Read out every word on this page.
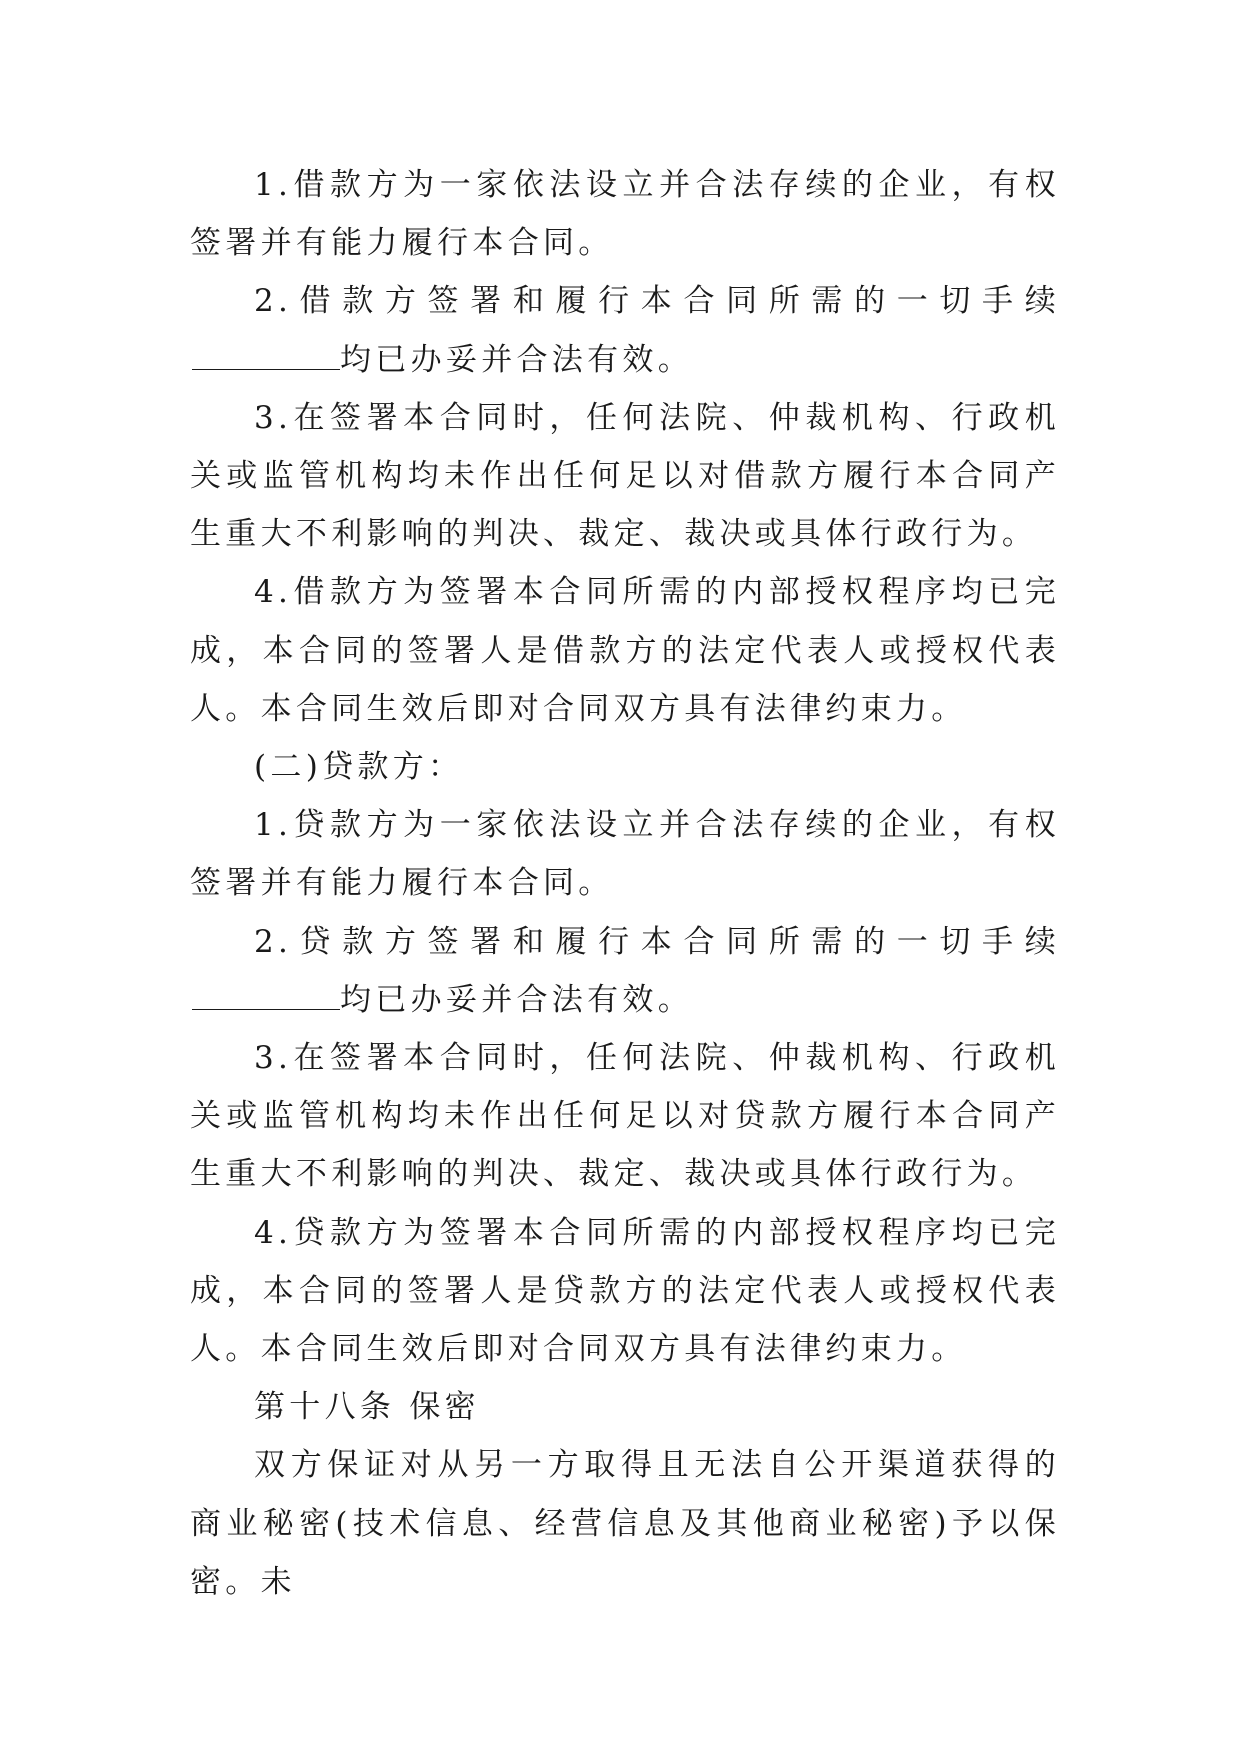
1.借款方为一家依法设立并合法存续的企业，有权签署并有能力履行本合同。

2.借款方签署和履行本合同所需的一切手续均已办妥并合法有效。

3.在签署本合同时，任何法院、仲裁机构、行政机关或监管机构均未作出任何足以对借款方履行本合同产生重大不利影响的判决、裁定、裁决或具体行政行为。

4.借款方为签署本合同所需的内部授权程序均已完成，本合同的签署人是借款方的法定代表人或授权代表人。本合同生效后即对合同双方具有法律约束力。

(二)贷款方：

1.贷款方为一家依法设立并合法存续的企业，有权签署并有能力履行本合同。

2.贷款方签署和履行本合同所需的一切手续均已办妥并合法有效。

3.在签署本合同时，任何法院、仲裁机构、行政机关或监管机构均未作出任何足以对贷款方履行本合同产生重大不利影响的判决、裁定、裁决或具体行政行为。

4.贷款方为签署本合同所需的内部授权程序均已完成，本合同的签署人是贷款方的法定代表人或授权代表人。本合同生效后即对合同双方具有法律约束力。

第十八条 保密

双方保证对从另一方取得且无法自公开渠道获得的商业秘密(技术信息、经营信息及其他商业秘密)予以保密。未
